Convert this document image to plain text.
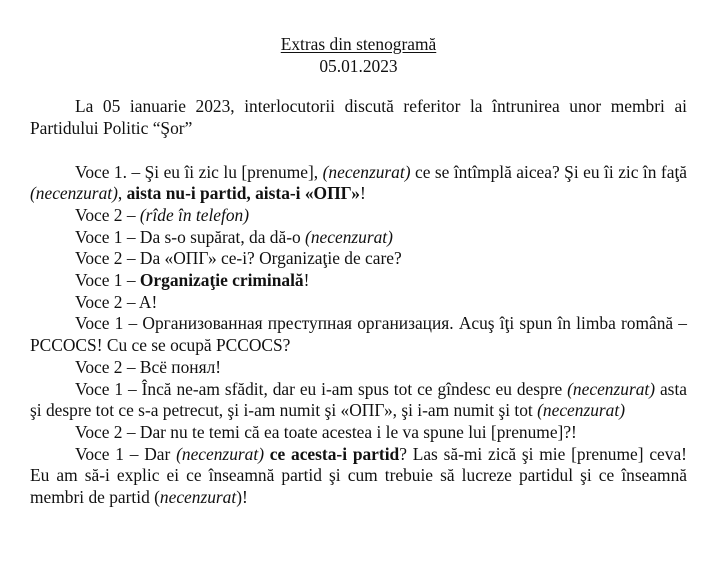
Extras din stenogramă
05.01.2023

La 05 ianuarie 2023, interlocutorii discută referitor la întrunirea unor membri ai Partidului Politic “Şor”

Voce 1. – Şi eu îi zic lu [prenume], (necenzurat) ce se întîmplă aicea? Şi eu îi zic în faţă (necenzurat), aista nu-i partid, aista-i «ОПГ»!

Voce 2 – (rîde în telefon)

Voce 1 – Da s-o supărat, da dă-o (necenzurat)

Voce 2 – Da «ОПГ» ce-i? Organizaţie de care?

Voce 1 – Organizaţie criminală!

Voce 2 – A!

Voce 1 – Организованная преступная организация. Acuş îţi spun în limba română – PCCOCS! Cu ce se ocupă PCCOCS?

Voce 2 – Всё понял!

Voce 1 – Încă ne-am sfădit, dar eu i-am spus tot ce gîndesc eu despre (necenzurat) asta şi despre tot ce s-a petrecut, şi i-am numit şi «ОПГ», şi i-am numit şi tot (necenzurat)

Voce 2 – Dar nu te temi că ea toate acestea i le va spune lui [prenume]?!

Voce 1 – Dar (necenzurat) ce acesta-i partid? Las să-mi zică şi mie [prenume] ceva! Eu am să-i explic ei ce înseamnă partid şi cum trebuie să lucreze partidul şi ce înseamnă membri de partid (necenzurat)!
